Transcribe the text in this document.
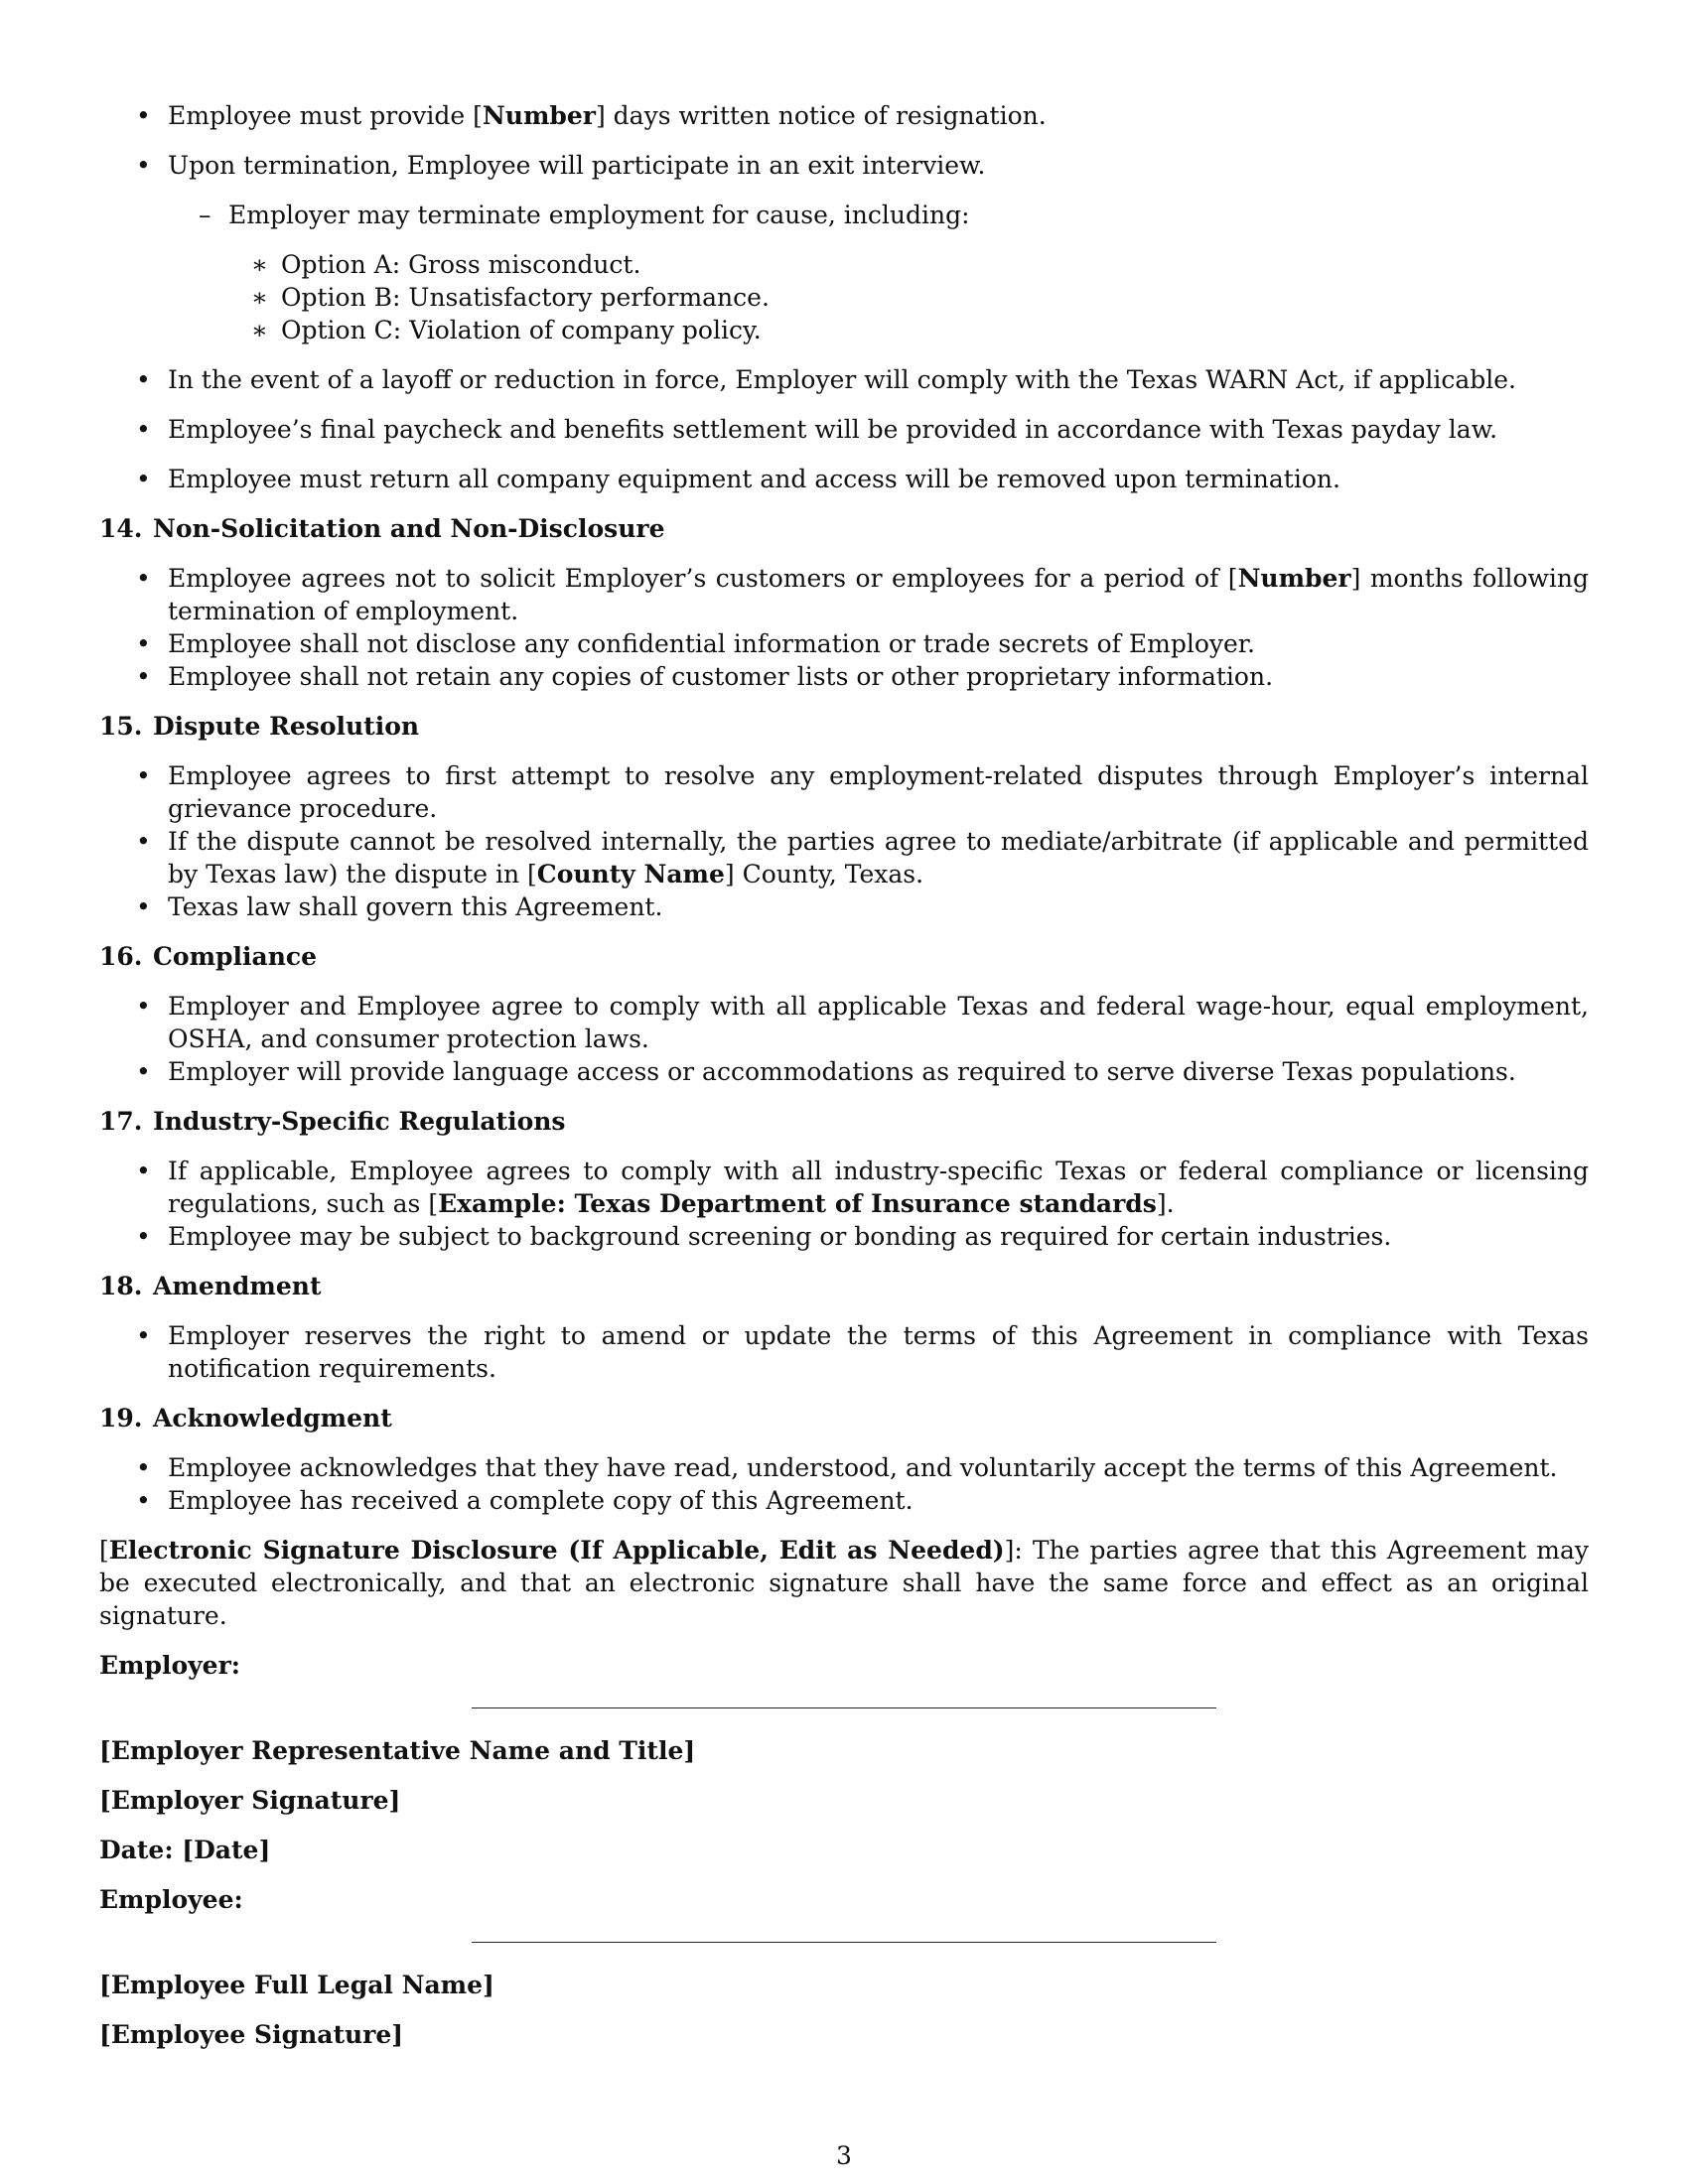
• Employee must provide [Number] days written notice of resignation.
• Upon termination, Employee will participate in an exit interview.
– Employer may terminate employment for cause, including:
∗ Option A: Gross misconduct.
∗ Option B: Unsatisfactory performance.
∗ Option C: Violation of company policy.
• In the event of a layoff or reduction in force, Employer will comply with the Texas WARN Act, if applicable.
• Employee’s final paycheck and benefits settlement will be provided in accordance with Texas payday law.
• Employee must return all company equipment and access will be removed upon termination.
14. Non-Solicitation and Non-Disclosure
• Employee agrees not to solicit Employer’s customers or employees for a period of [Number] months following termination of employment.
• Employee shall not disclose any confidential information or trade secrets of Employer.
• Employee shall not retain any copies of customer lists or other proprietary information.
15. Dispute Resolution
• Employee agrees to first attempt to resolve any employment-related disputes through Employer’s internal grievance procedure.
• If the dispute cannot be resolved internally, the parties agree to mediate/arbitrate (if applicable and permitted by Texas law) the dispute in [County Name] County, Texas.
• Texas law shall govern this Agreement.
16. Compliance
• Employer and Employee agree to comply with all applicable Texas and federal wage-hour, equal employment, OSHA, and consumer protection laws.
• Employer will provide language access or accommodations as required to serve diverse Texas populations.
17. Industry-Specific Regulations
• If applicable, Employee agrees to comply with all industry-specific Texas or federal compliance or licensing regulations, such as [Example: Texas Department of Insurance standards].
• Employee may be subject to background screening or bonding as required for certain industries.
18. Amendment
• Employer reserves the right to amend or update the terms of this Agreement in compliance with Texas notification requirements.
19. Acknowledgment
• Employee acknowledges that they have read, understood, and voluntarily accept the terms of this Agreement.
• Employee has received a complete copy of this Agreement.

[Electronic Signature Disclosure (If Applicable, Edit as Needed)]: The parties agree that this Agreement may be executed electronically, and that an electronic signature shall have the same force and effect as an original signature.

Employer:

[Employer Representative Name and Title]

[Employer Signature]

Date: [Date]

Employee:

[Employee Full Legal Name]

[Employee Signature]

3
